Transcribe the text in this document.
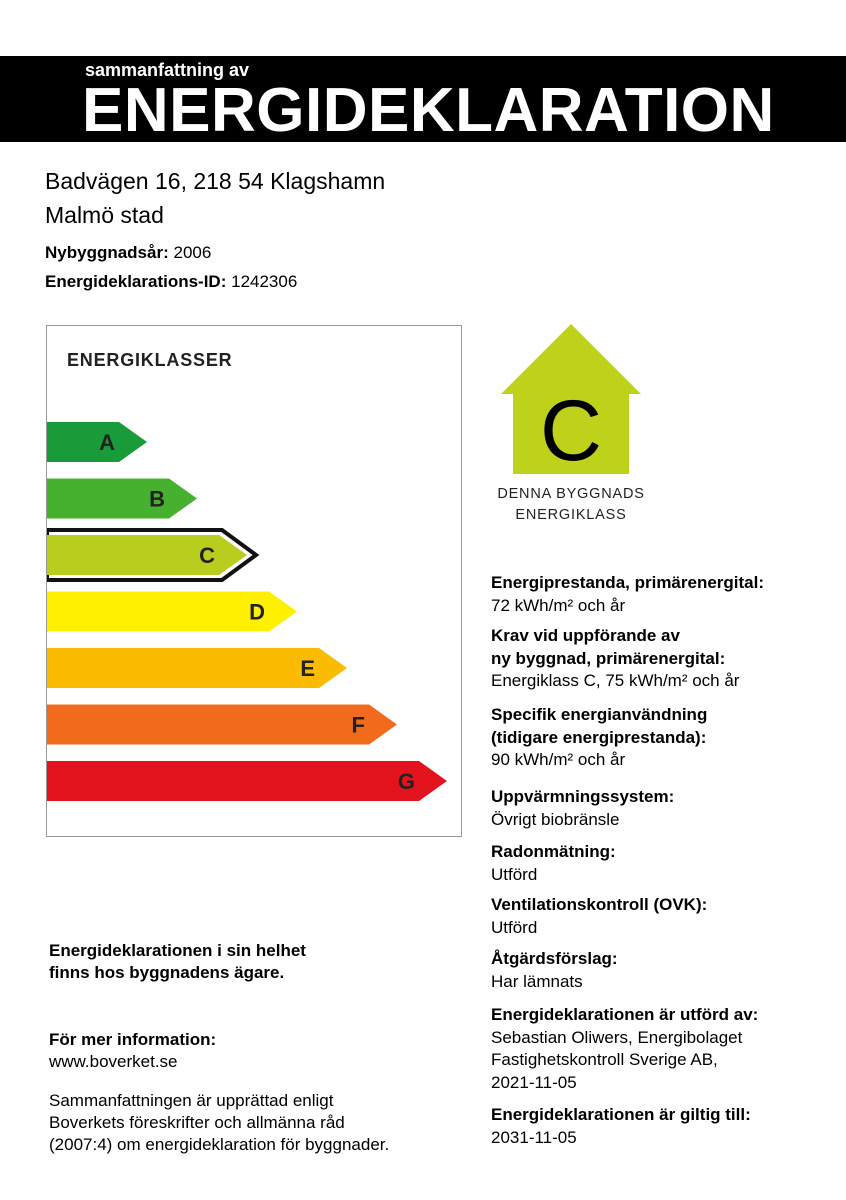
sammanfattning av
ENERGIDEKLARATION
Badvägen 16, 218 54 Klagshamn
Malmö stad
Nybyggnadsår: 2006
Energideklarations-ID: 1242306
ENERGIKLASSER
A
B
C
D
E
F
G
C
DENNA BYGGNADS
ENERGIKLASS
Energiprestanda, primärenergital:
72 kWh/m² och år
Krav vid uppförande av
ny byggnad, primärenergital:
Energiklass C, 75 kWh/m² och år
Specifik energianvändning
(tidigare energiprestanda):
90 kWh/m² och år
Uppvärmningssystem:
Övrigt biobränsle
Radonmätning:
Utförd
Ventilationskontroll (OVK):
Utförd
Åtgärdsförslag:
Har lämnats
Energideklarationen är utförd av:
Sebastian Oliwers, Energibolaget
Fastighetskontroll Sverige AB,
2021-11-05
Energideklarationen är giltig till:
2031-11-05
Energideklarationen i sin helhet
finns hos byggnadens ägare.
För mer information:
www.boverket.se
Sammanfattningen är upprättad enligt
Boverkets föreskrifter och allmänna råd
(2007:4) om energideklaration för byggnader.
